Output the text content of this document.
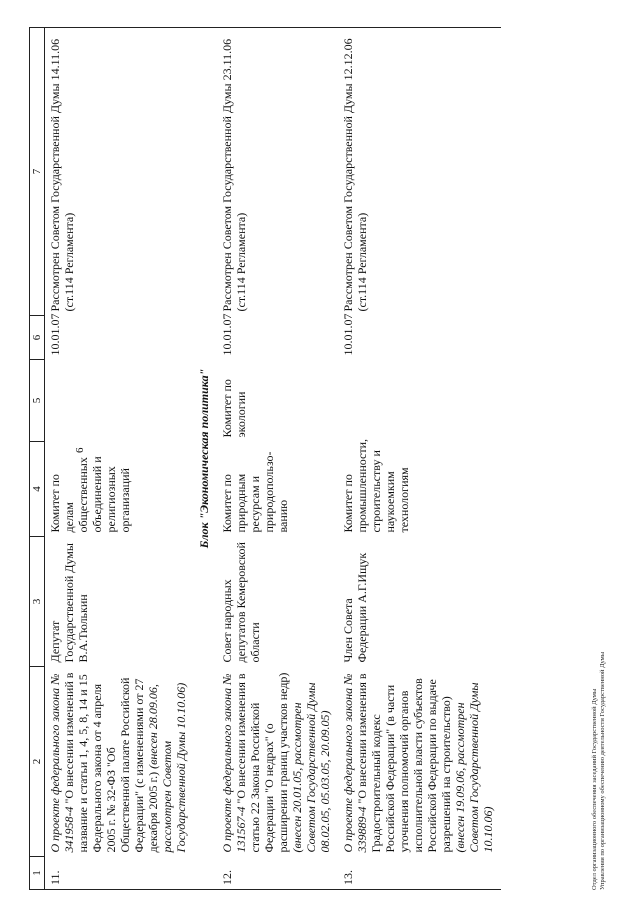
6
1	2	3	4	5	6	7
11.	О проекте федерального закона № 341958-4 "О внесении изменений в название и статьи 1, 4, 5, 8, 14 и 15 Федерального закона от 4 апреля 2005 г. № 32-ФЗ "Об Общественной палате Российской Федерации" (с изменениями от 27 декабря 2005 г.) (внесен 28.09.06, рассмотрен Советом Государственной Думы 10.10.06)	Депутат Государственной Думы В.А.Тюлькин	Комитет по делам общественных объединений и религиозных организаций		10.01.07	Рассмотрен Советом Государственной Думы 14.11.06 (ст.114 Регламента)
Блок "Экономическая политика"						
12.	О проекте федерального закона № 131567-4 "О внесении изменения в статью 22 Закона Российской Федерации "О недрах" (о расширении границ участков недр) (внесен 20.01.05, рассмотрен Советом Государственной Думы 08.02.05, 05.03.05, 20.09.05)	Совет народных депутатов Кемеровской области	Комитет по природным ресурсам и природопользо- ванию	Комитет по экологии	10.01.07	Рассмотрен Советом Государственной Думы 23.11.06 (ст.114 Регламента)
13.	О проекте федерального закона № 339889-4 "О внесении изменения в Градостроительный кодекс Российской Федерации" (в части уточнения полномочий органов исполнительной власти субъектов Российской Федерации по выдаче разрешений на строительство) (внесен 19.09.06, рассмотрен Советом Государственной Думы 10.10.06)	Член Совета Федерации А.Г.Ищук	Комитет по промышленности, строительству и наукоемким технологиям		10.01.07	Рассмотрен Советом Государственной Думы 12.12.06 (ст.114 Регламента)
Отдел организационного обеспечения заседаний Государственной Думы Управления по организационному обеспечению деятельности Государственной Думы
